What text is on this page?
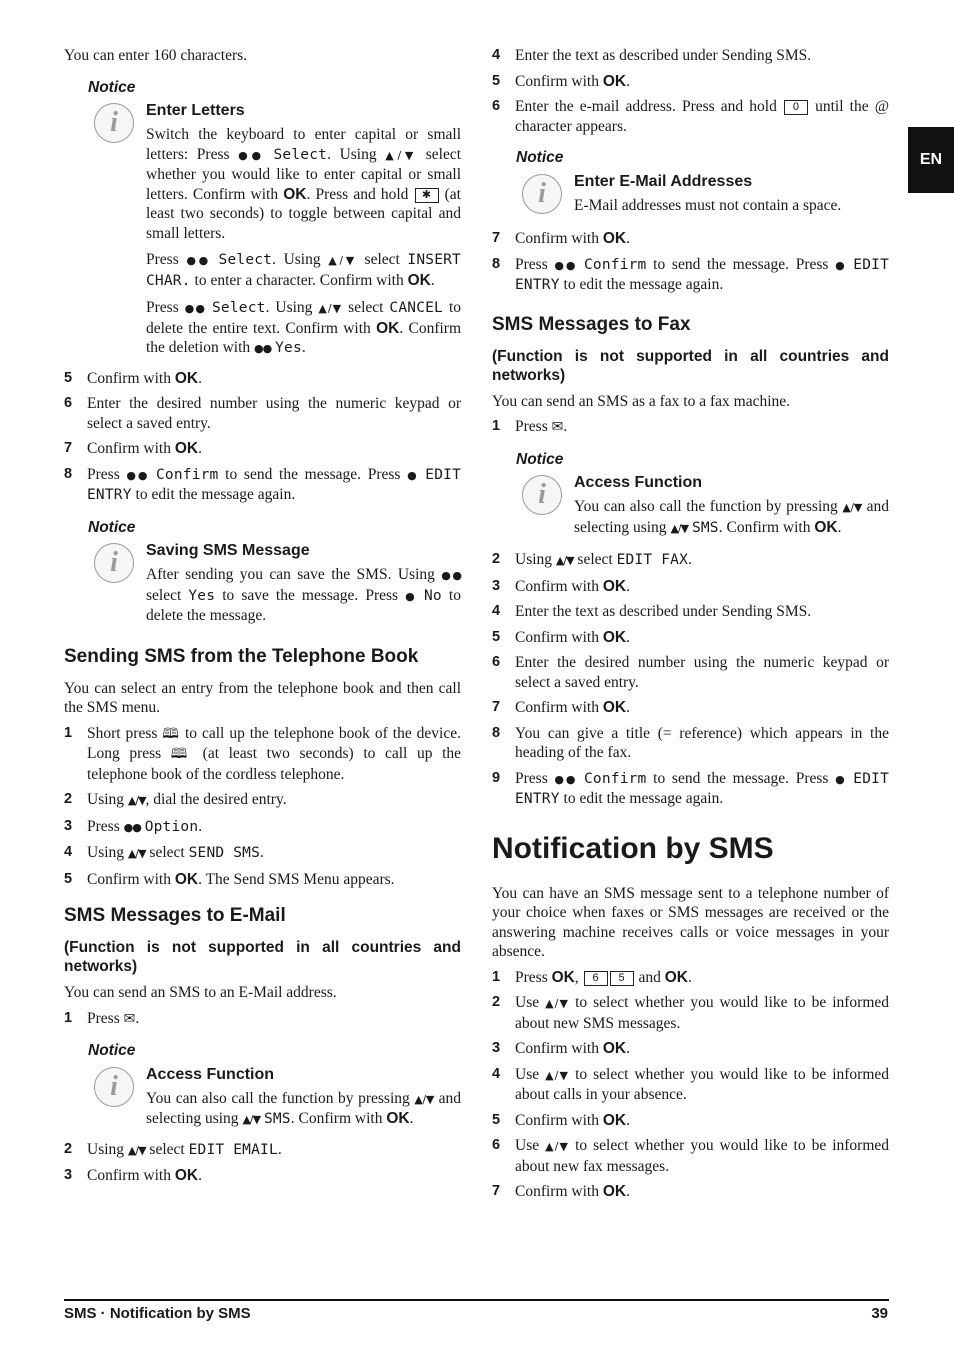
You can enter 160 characters.

Notice
i	Enter Letters

Switch the keyboard to enter capital or small letters: Press ●● Select. Using ▲/▼ select whether you would like to enter capital or small letters. Confirm with OK. Press and hold ✱ (at least two seconds) to toggle between capital and small letters.

Press ●● Select. Using ▲/▼ select INSERT CHAR. to enter a character. Confirm with OK.

Press ●● Select. Using ▲/▼ select CANCEL to delete the entire text. Confirm with OK. Confirm the deletion with ●● Yes.

5 Confirm with OK.
6 Enter the desired number using the numeric keypad or select a saved entry.
7 Confirm with OK.
8 Press ●● Confirm to send the message. Press ● EDIT ENTRY to edit the message again.
Notice
i	Saving SMS Message

After sending you can save the SMS. Using ●● select Yes to save the message. Press ● No to delete the message.

Sending SMS from the Telephone Book

You can select an entry from the telephone book and then call the SMS menu.

1 Short press 🕮 to call up the telephone book of the device. Long press 🕮 (at least two seconds) to call up the telephone book of the cordless telephone.
2 Using ▲/▼, dial the desired entry.
3 Press ●● Option.
4 Using ▲/▼ select SEND SMS.
5 Confirm with OK. The Send SMS Menu appears.
SMS Messages to E-Mail
(Function is not supported in all countries and networks)

You can send an SMS to an E-Mail address.

1 Press ✉.
Notice
i	Access Function

You can also call the function by pressing ▲/▼ and selecting using ▲/▼ SMS. Confirm with OK.

2 Using ▲/▼ select EDIT EMAIL.
3 Confirm with OK.
4 Enter the text as described under Sending SMS.
5 Confirm with OK.
6 Enter the e-mail address. Press and hold 0 until the @ character appears.
Notice
i	Enter E-Mail Addresses

E-Mail addresses must not contain a space.

7 Confirm with OK.
8 Press ●● Confirm to send the message. Press ● EDIT ENTRY to edit the message again.
SMS Messages to Fax
(Function is not supported in all countries and networks)

You can send an SMS as a fax to a fax machine.

1 Press ✉.
Notice
i	Access Function

You can also call the function by pressing ▲/▼ and selecting using ▲/▼ SMS. Confirm with OK.

2 Using ▲/▼ select EDIT FAX.
3 Confirm with OK.
4 Enter the text as described under Sending SMS.
5 Confirm with OK.
6 Enter the desired number using the numeric keypad or select a saved entry.
7 Confirm with OK.
8 You can give a title (= reference) which appears in the heading of the fax.
9 Press ●● Confirm to send the message. Press ● EDIT ENTRY to edit the message again.
Notification by SMS

You can have an SMS message sent to a telephone number of your choice when faxes or SMS messages are received or the answering machine receives calls or voice messages in your absence.

1 Press OK, 6 5 and OK.
2 Use ▲/▼ to select whether you would like to be informed about new SMS messages.
3 Confirm with OK.
4 Use ▲/▼ to select whether you would like to be informed about calls in your absence.
5 Confirm with OK.
6 Use ▲/▼ to select whether you would like to be informed about new fax messages.
7 Confirm with OK.
EN
SMS · Notification by SMS	39
